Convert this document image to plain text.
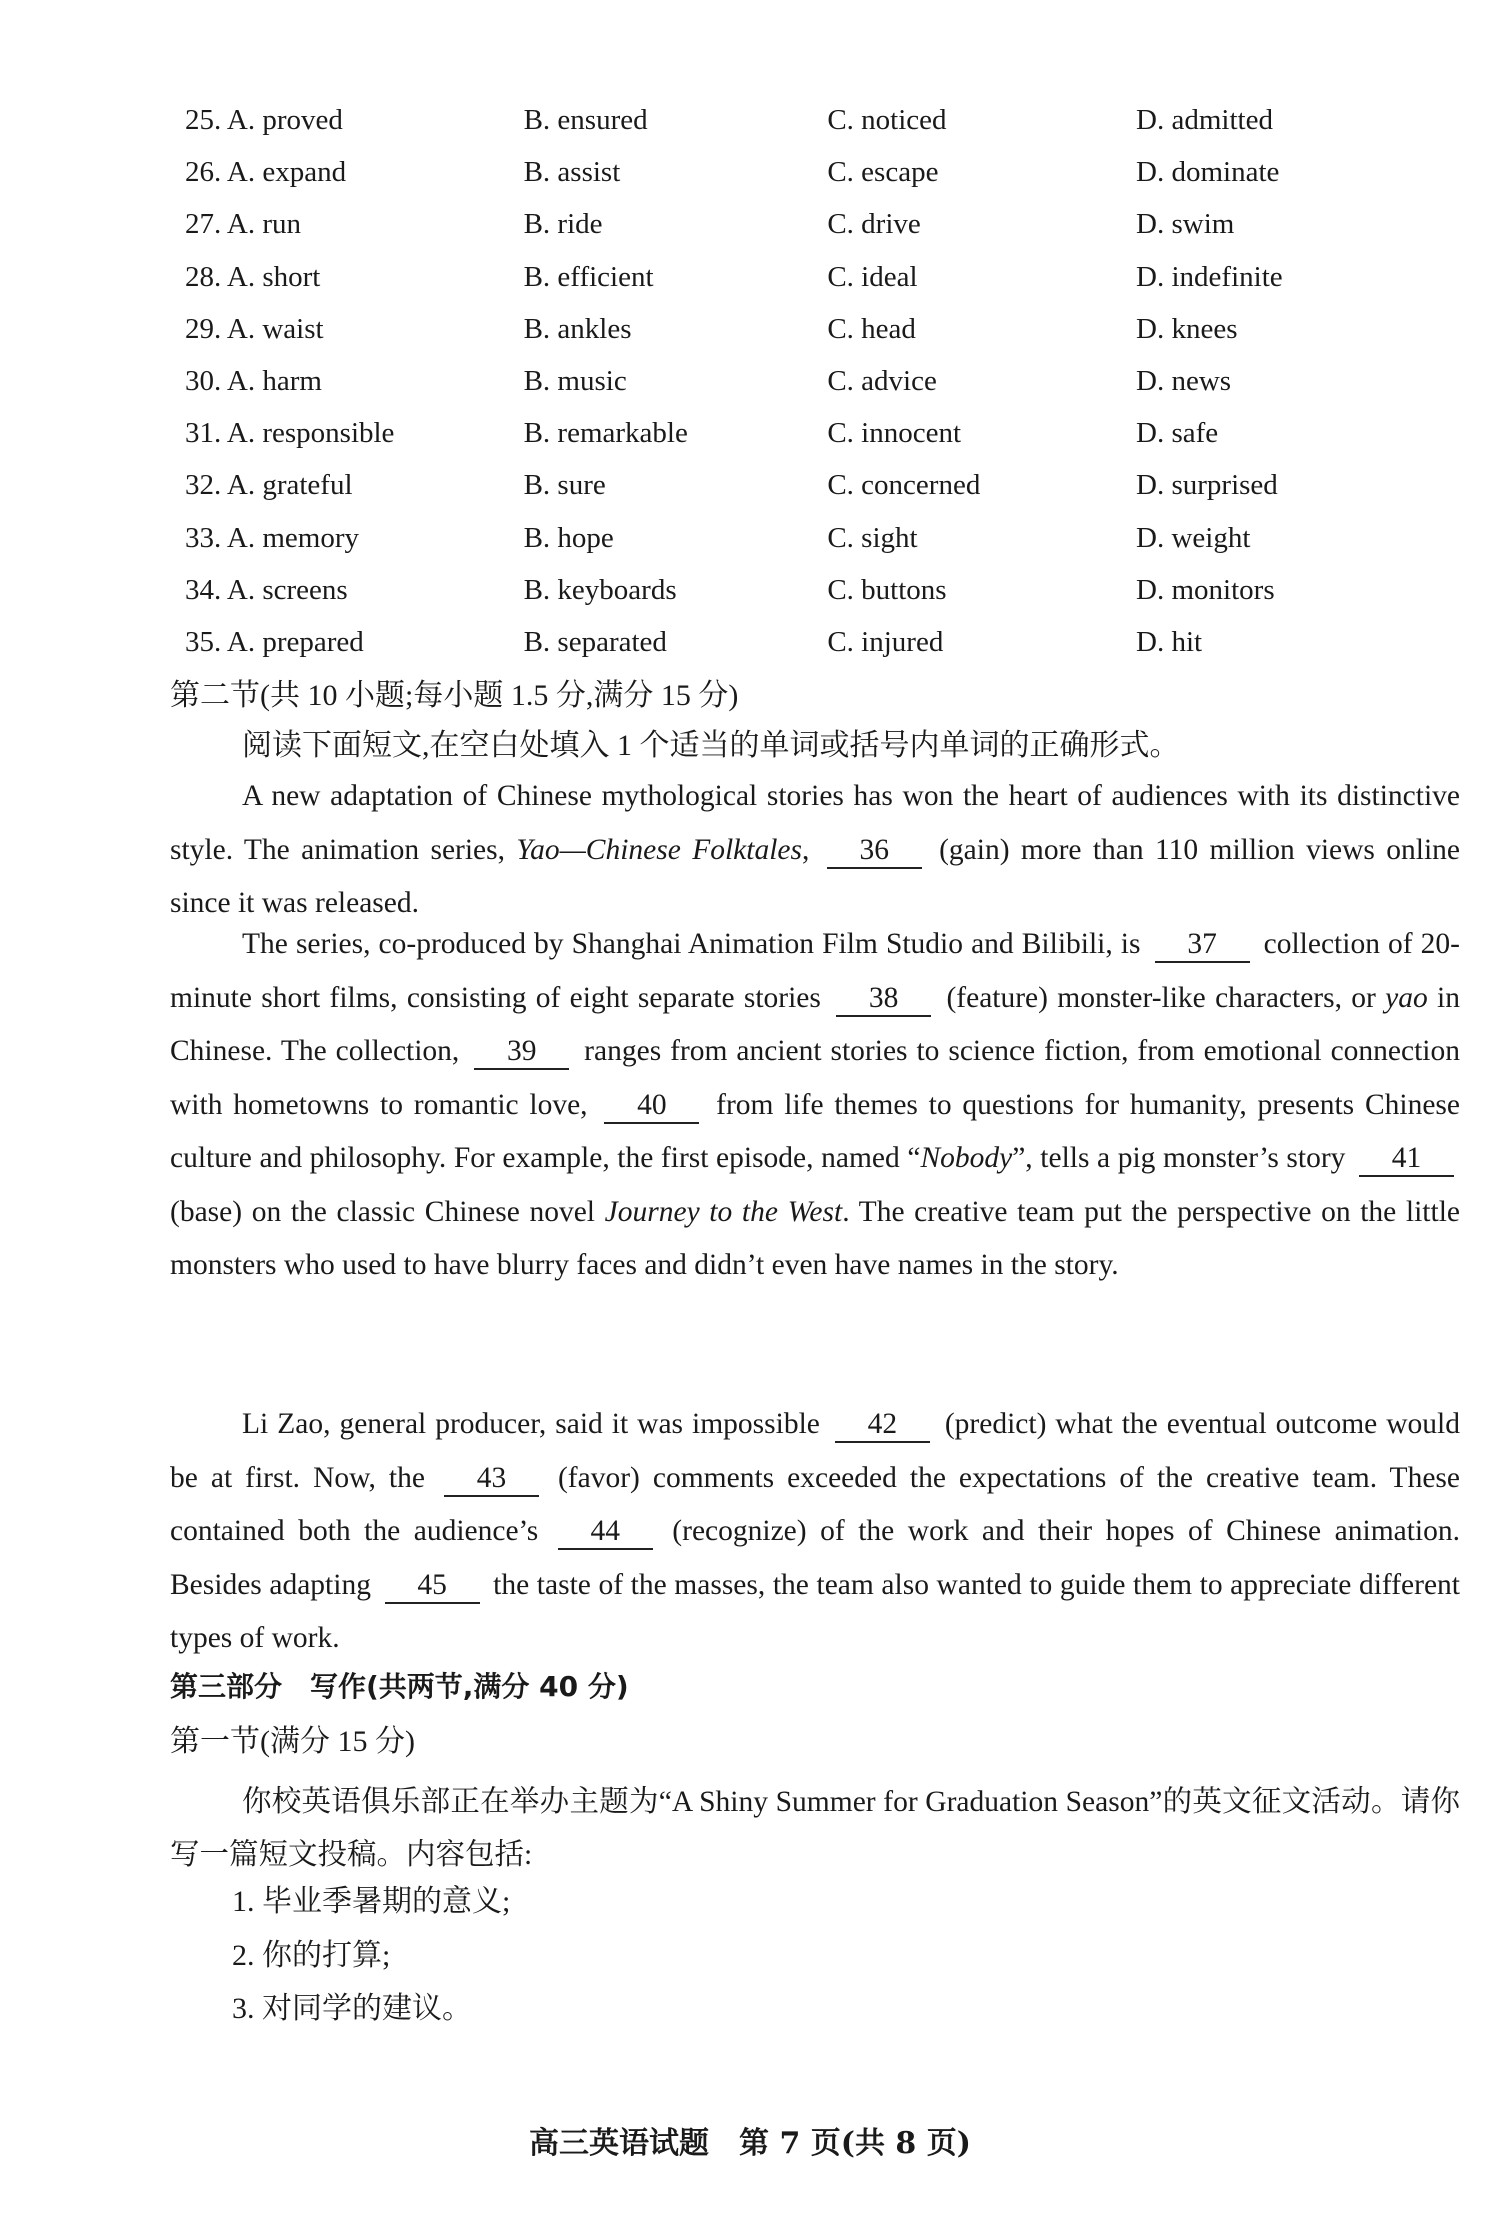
25. A. proved	B. ensured	C. noticed	D. admitted
26. A. expand	B. assist	C. escape	D. dominate
27. A. run	B. ride	C. drive	D. swim
28. A. short	B. efficient	C. ideal	D. indefinite
29. A. waist	B. ankles	C. head	D. knees
30. A. harm	B. music	C. advice	D. news
31. A. responsible	B. remarkable	C. innocent	D. safe
32. A. grateful	B. sure	C. concerned	D. surprised
33. A. memory	B. hope	C. sight	D. weight
34. A. screens	B. keyboards	C. buttons	D. monitors
35. A. prepared	B. separated	C. injured	D. hit
第二节(共 10 小题;每小题 1.5 分,满分 15 分)
阅读下面短文,在空白处填入 1 个适当的单词或括号内单词的正确形式。
A new adaptation of Chinese mythological stories has won the heart of audiences with its distinctive style. The animation series, Yao—Chinese Folktales, 36 (gain) more than 110 million views online since it was released.
The series, co-produced by Shanghai Animation Film Studio and Bilibili, is 37 collection of 20-minute short films, consisting of eight separate stories 38 (feature) monster-like characters, or yao in Chinese. The collection, 39 ranges from ancient stories to science fiction, from emotional connection with hometowns to romantic love, 40 from life themes to questions for humanity, presents Chinese culture and philosophy. For example, the first episode, named “Nobody”, tells a pig monster’s story 41 (base) on the classic Chinese novel Journey to the West. The creative team put the perspective on the little monsters who used to have blurry faces and didn’t even have names in the story.
Li Zao, general producer, said it was impossible 42 (predict) what the eventual outcome would be at first. Now, the 43 (favor) comments exceeded the expectations of the creative team. These contained both the audience’s 44 (recognize) of the work and their hopes of Chinese animation. Besides adapting 45 the taste of the masses, the team also wanted to guide them to appreciate different types of work.
第三部分　写作(共两节,满分 40 分)
第一节(满分 15 分)
你校英语俱乐部正在举办主题为“A Shiny Summer for Graduation Season”的英文征文活动。请你写一篇短文投稿。内容包括:
1. 毕业季暑期的意义;
2. 你的打算;
3. 对同学的建议。
高三英语试题　第 7 页(共 8 页)
